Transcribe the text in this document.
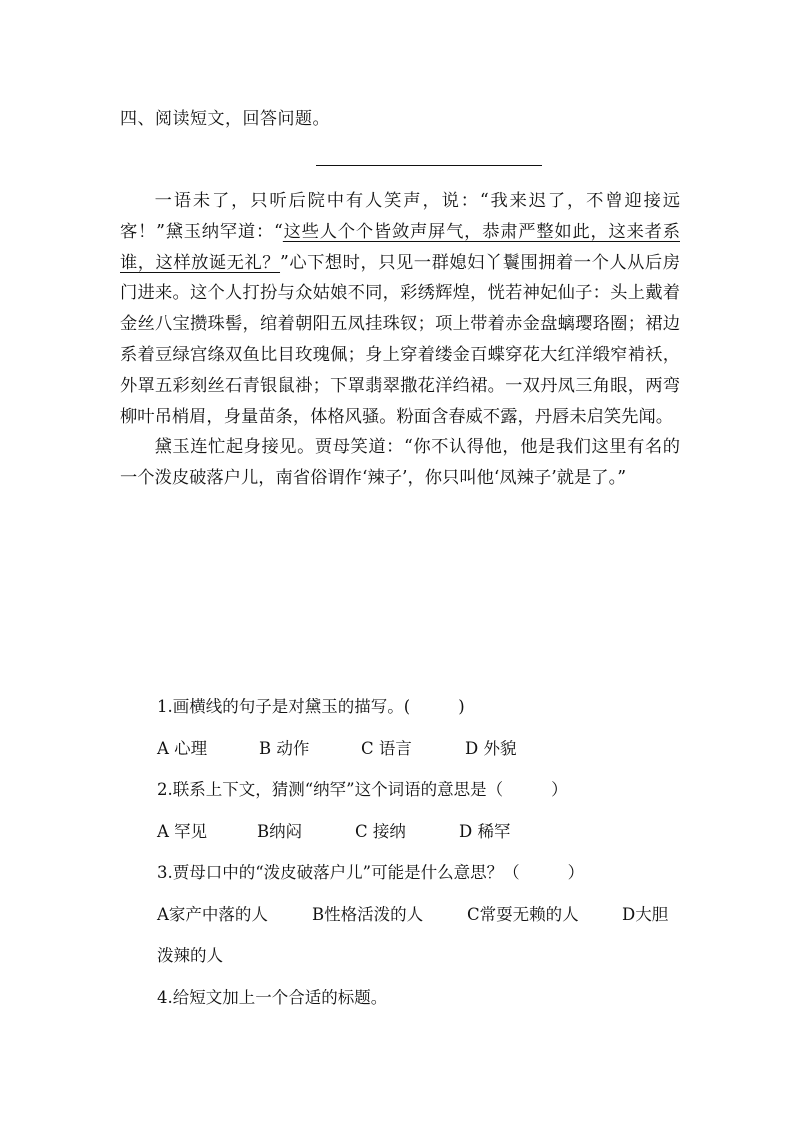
四、阅读短文，回答问题。

一语未了，只听后院中有人笑声，说：“我来迟了，不曾迎接远客！”黛玉纳罕道：“这些人个个皆敛声屏气，恭肃严整如此，这来者系谁，这样放诞无礼？”心下想时，只见一群媳妇丫鬟围拥着一个人从后房门进来。这个人打扮与众姑娘不同，彩绣辉煌，恍若神妃仙子：头上戴着金丝八宝攒珠髻，绾着朝阳五凤挂珠钗；项上带着赤金盘螭璎珞圈；裙边系着豆绿宫绦双鱼比目玫瑰佩；身上穿着缕金百蝶穿花大红洋缎窄褃袄，外罩五彩刻丝石青银鼠褂；下罩翡翠撒花洋绉裙。一双丹凤三角眼，两弯柳叶吊梢眉，身量苗条，体格风骚。粉面含春威不露，丹唇未启笑先闻。

黛玉连忙起身接见。贾母笑道：“你不认得他，他是我们这里有名的一个泼皮破落户儿，南省俗谓作‘辣子’，你只叫他‘凤辣子’就是了。”

1.画横线的句子是对黛玉的描写。(	)
A 心理	B 动作	C 语言	D 外貌
2.联系上下文，猜测“纳罕”这个词语的意思是（	）
A 罕见	B纳闷	C 接纳	D 稀罕
3.贾母口中的“泼皮破落户儿”可能是什么意思？（	）
A家产中落的人	B性格活泼的人	C常耍无赖的人	D大胆泼辣的人
4.给短文加上一个合适的标题。
